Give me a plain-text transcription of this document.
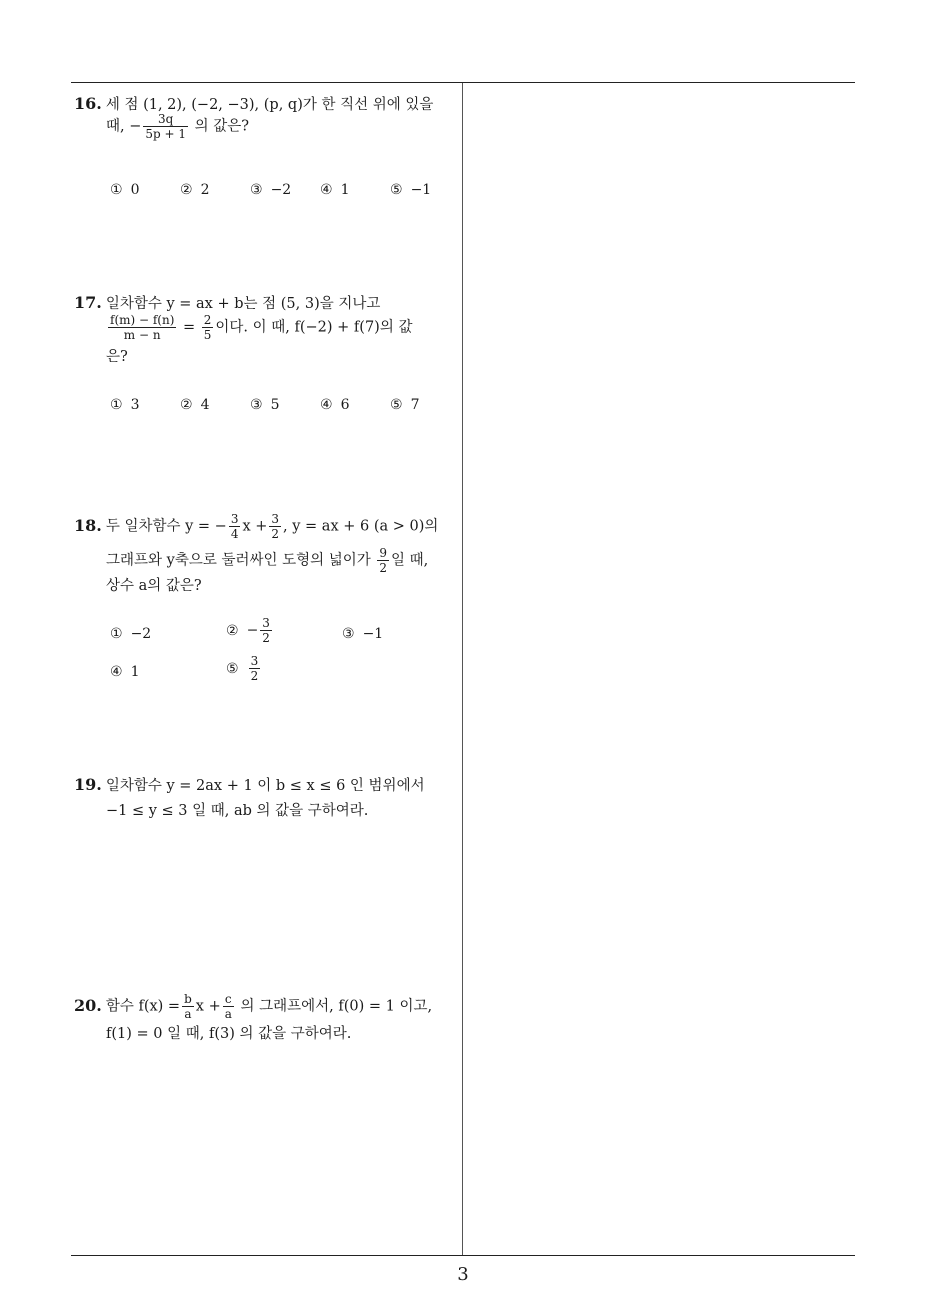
16. 세 점 (1, 2), (−2, −3), (p, q)가 한 직선 위에 있을
때, − $\frac{3q}{5p + 1}$ 의 값은?
① 0	② 2	③ −2 ④ 1	⑤ −1
17. 일차함수 y = ax + b는 점 (5, 3)을 지나고
$\frac{f(m) - f(n)}{m - n} = \frac{2}{5}$ 이다. 이 때, f(−2) + f(7)의 값
은?
① 3	② 4	③ 5	④ 6	⑤ 7
18. 두 일차함수 y = − $\frac{3}{4}$ $x + \frac{3}{2}$ , y = ax + 6 (a > 0)의
그래프와 y축으로 둘러싸인 도형의 넓이가 $\frac{9}{2}$ 일 때,
상수 a의 값은?
① −2	② − $\frac{3}{2}$	③ −1
④ 1	⑤ $\frac{3}{2}$
19. 일차함수 y = 2ax + 1 이 b ≤ x ≤ 6 인 범위에서
−1 ≤ y ≤ 3 일 때, ab 의 값을 구하여라.
20. 함수 $f(x) = \frac{b}{a}$ $x + \frac{c}{a}$ 의 그래프에서, f(0) = 1 이고,
f(1) = 0 일 때, f(3) 의 값을 구하여라.
3
